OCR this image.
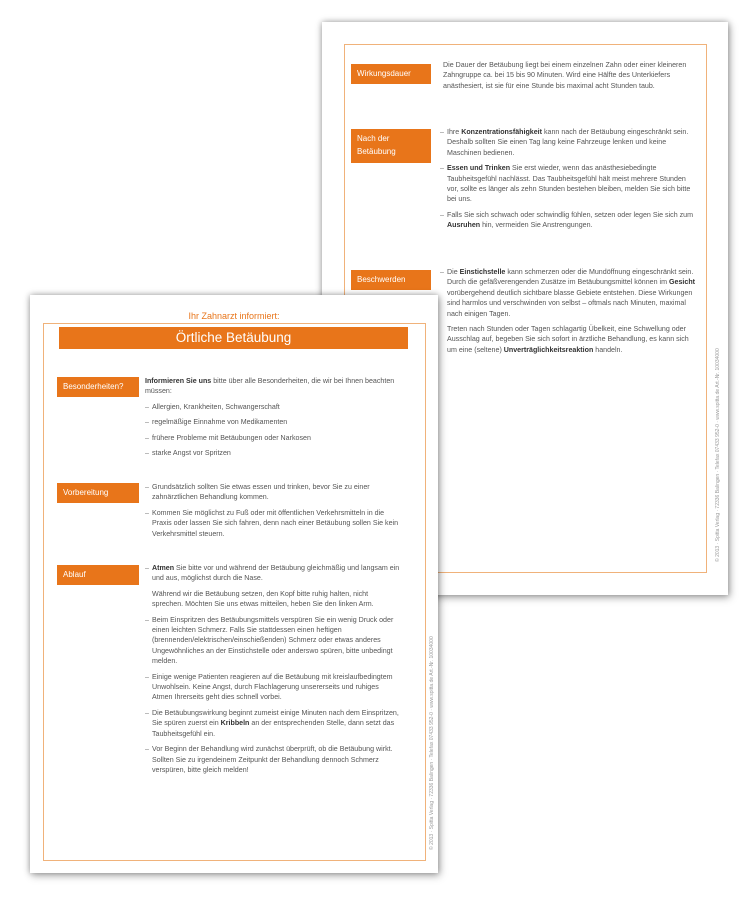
Wirkungsdauer

Die Dauer der Betäubung liegt bei einem einzelnen Zahn oder einer kleineren Zahngruppe ca. bei 15 bis 90 Minuten. Wird eine Hälfte des Unterkiefers anästhesiert, ist sie für eine Stunde bis maximal acht Stunden taub.

Nach der
Betäubung
– Ihre Konzentrationsfähigkeit kann nach der Betäubung eingeschränkt sein. Deshalb sollten Sie einen Tag lang keine Fahrzeuge lenken und keine Maschinen bedienen.
– Essen und Trinken Sie erst wieder, wenn das anästhesiebedingte Taubheitsgefühl nachlässt. Das Taubheitsgefühl hält meist mehrere Stunden vor, sollte es länger als zehn Stunden bestehen bleiben, melden Sie sich bitte bei uns.
– Falls Sie sich schwach oder schwindlig fühlen, setzen oder legen Sie sich zum Ausruhen hin, vermeiden Sie Anstrengungen.
Beschwerden
– Die Einstichstelle kann schmerzen oder die Mundöffnung eingeschränkt sein. Durch die gefäßverengenden Zusätze im Betäubungsmittel können im Gesicht vorübergehend deutlich sichtbare blasse Gebiete entstehen. Diese Wirkungen sind harmlos und verschwinden von selbst – oftmals nach Minuten, maximal nach einigen Tagen.

Treten nach Stunden oder Tagen schlagartig Übelkeit, eine Schwellung oder Ausschlag auf, begeben Sie sich sofort in ärztliche Behandlung, es kann sich um eine (seltene) Unverträglichkeitsreaktion handeln.	© 2013 · Spitta Verlag · 72336 Balingen · Telefax 07433 952-0 · www.spitta.de Art.-Nr. 10034000
Ihr Zahnarzt informiert:
Örtliche Betäubung
Besonderheiten?

Informieren Sie uns bitte über alle Besonderheiten, die wir bei Ihnen beachten müssen:

– Allergien, Krankheiten, Schwangerschaft
– regelmäßige Einnahme von Medikamenten
– frühere Probleme mit Betäubungen oder Narkosen
– starke Angst vor Spritzen
Vorbereitung
– Grundsätzlich sollten Sie etwas essen und trinken, bevor Sie zu einer zahnärztlichen Behandlung kommen.
– Kommen Sie möglichst zu Fuß oder mit öffentlichen Verkehrsmitteln in die Praxis oder lassen Sie sich fahren, denn nach einer Betäubung sollen Sie kein Verkehrsmittel steuern.
Ablauf
– Atmen Sie bitte vor und während der Betäubung gleichmäßig und langsam ein und aus, möglichst durch die Nase.

Während wir die Betäubung setzen, den Kopf bitte ruhig halten, nicht sprechen. Möchten Sie uns etwas mitteilen, heben Sie den linken Arm.

– Beim Einspritzen des Betäubungsmittels verspüren Sie ein wenig Druck oder einen leichten Schmerz. Falls Sie stattdessen einen heftigen (brennenden/elektrischen/einschießenden) Schmerz oder etwas anderes Ungewöhnliches an der Einstichstelle oder anderswo spüren, bitte unbedingt melden.
– Einige wenige Patienten reagieren auf die Betäubung mit kreislaufbedingtem Unwohlsein. Keine Angst, durch Flachlagerung unsererseits und ruhiges Atmen Ihrerseits geht dies schnell vorbei.
– Die Betäubungswirkung beginnt zumeist einige Minuten nach dem Einspritzen, Sie spüren zuerst ein Kribbeln an der entsprechenden Stelle, dann setzt das Taubheitsgefühl ein.
– Vor Beginn der Behandlung wird zunächst überprüft, ob die Betäubung wirkt. Sollten Sie zu irgendeinem Zeitpunkt der Behandlung dennoch Schmerz verspüren, bitte gleich melden!	© 2013 · Spitta Verlag · 72336 Balingen · Telefax 07433 952-0 · www.spitta.de Art.-Nr. 10034000
